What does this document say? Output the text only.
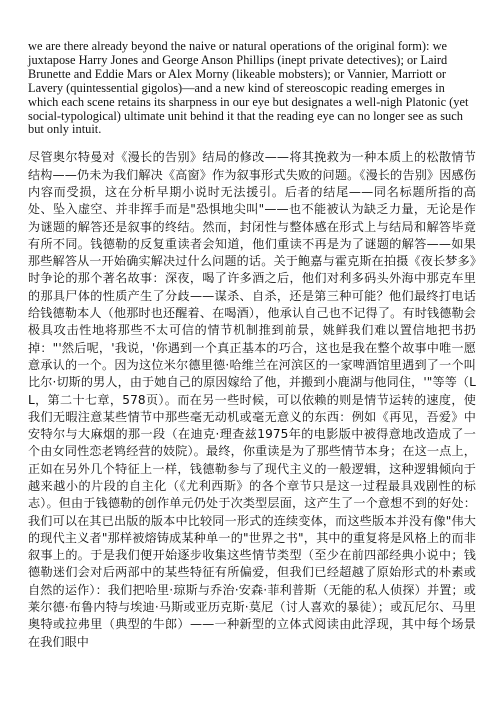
we are there already beyond the naive or natural operations of the original form): we juxtapose Harry Jones and George Anson Phillips (inept private detectives); or Laird Brunette and Eddie Mars or Alex Morny (likeable mobsters); or Vannier, Marriott or Lavery (quintessential gigolos)—and a new kind of stereoscopic reading emerges in which each scene retains its sharpness in our eye but designates a well-nigh Platonic (yet social-typological) ultimate unit behind it that the reading eye can no longer see as such but only intuit.

尽管奥尔特曼对《漫长的告别》结局的修改——将其挽救为一种本质上的松散情节结构——仍未为我们解决《高窗》作为叙事形式失败的问题。《漫长的告别》因感伤内容而受损，这在分析早期小说时无法援引。后者的结尾——同名标题所指的高处、坠入虚空、并非挥手而是"恐惧地尖叫"——也不能被认为缺乏力量，无论是作为谜题的解答还是叙事的终结。然而，封闭性与整体感在形式上与结局和解答毕竟有所不同。钱德勒的反复重读者会知道，他们重读不再是为了谜题的解答——如果那些解答从一开始确实解决过什么问题的话。关于鲍嘉与霍克斯在拍摄《夜长梦多》时争论的那个著名故事：深夜，喝了许多酒之后，他们对利多码头外海中那克车里的那具尸体的性质产生了分歧——谋杀、自杀，还是第三种可能？他们最终打电话给钱德勒本人（他那时也还醒着、在喝酒），他承认自己也不记得了。有时钱德勒会极具攻击性地将那些不太可信的情节机制推到前景，姚鲜我们难以置信地把书扔掉："'然后呢，'我说，'你遇到一个真正基本的巧合，这也是我在整个故事中唯一愿意承认的一个。因为这位米尔德里德·哈维兰在河滨区的一家啤酒馆里遇到了一个叫比尔·切斯的男人，由于她自己的原因嫁给了他，并搬到小鹿湖与他同住，'"等等（LL，第二十七章，578页）。而在另一些时候，可以依赖的则是情节运转的速度，使我们无暇注意某些情节中那些毫无动机或毫无意义的东西：例如《再见，吾爱》中安特尔与大麻烟的那一段（在迪克·理查兹1975年的电影版中被得意地改造成了一个由女同性恋老鸨经营的妓院）。最终，你重读是为了那些情节本身；在这一点上，正如在另外几个特征上一样，钱德勒参与了现代主义的一般逻辑，这种逻辑倾向于越来越小的片段的自主化（《尤利西斯》的各个章节只是这一过程最具戏剧性的标志）。但由于钱德勒的创作单元仍处于次类型层面，这产生了一个意想不到的好处：我们可以在其已出版的版本中比较同一形式的连续变体，而这些版本并没有像"伟大的现代主义者"那样被熔铸成某种单一的"世界之书"，其中的重复将是风格上的而非叙事上的。于是我们便开始逐步收集这些情节类型（至少在前四部经典小说中；钱德勒迷们会对后两部中的某些特征有所偏爱，但我们已经超越了原始形式的朴素或自然的运作）：我们把哈里·琼斯与乔治·安森·菲利普斯（无能的私人侦探）并置；或莱尔德·布鲁内特与埃迪·马斯或亚历克斯·莫尼（讨人喜欢的暴徒）；或瓦尼尔、马里奥特或拉弗里（典型的牛郎）——一种新型的立体式阅读由此浮现，其中每个场景在我们眼中
